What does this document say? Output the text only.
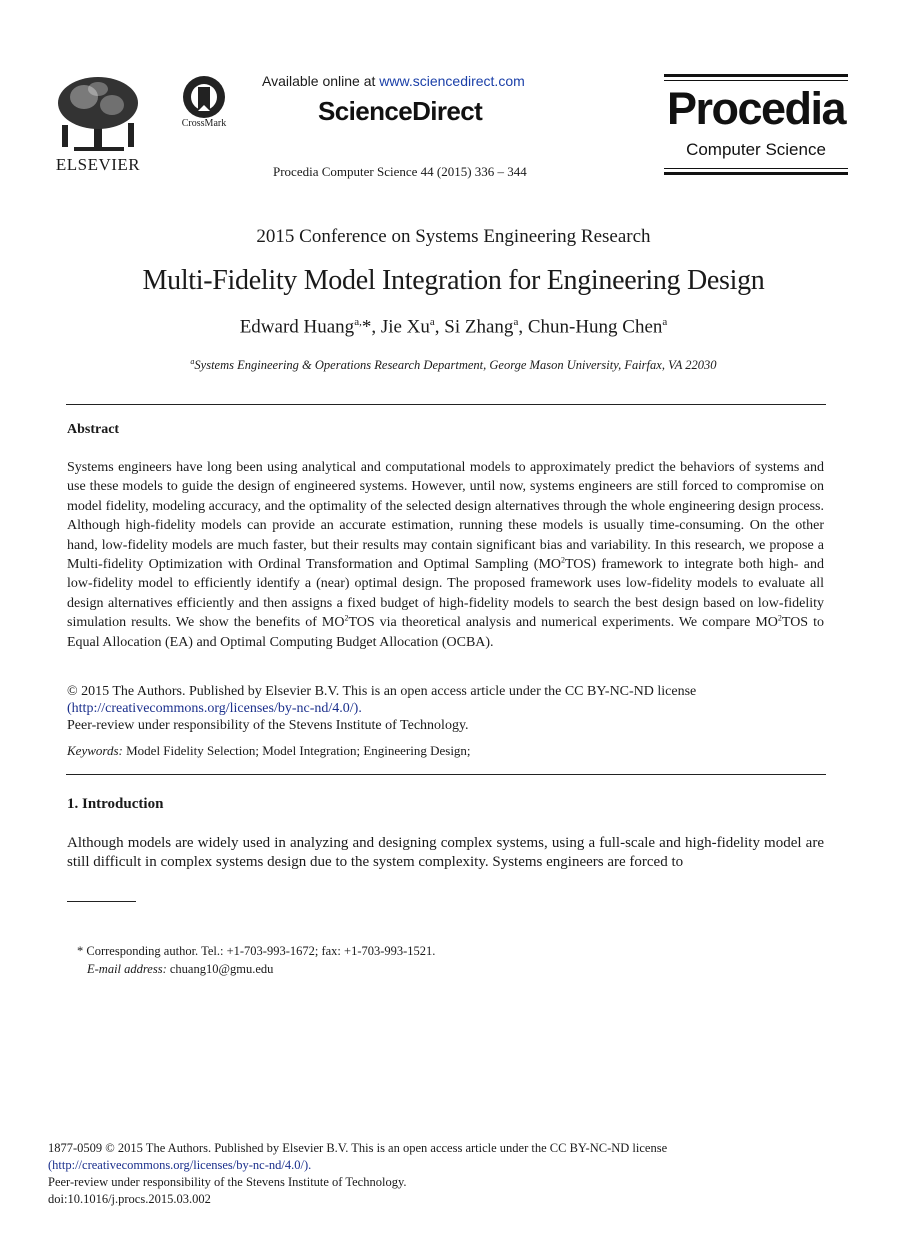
ELSEVIER
CrossMark
Available online at www.sciencedirect.com
ScienceDirect
Procedia Computer Science 44 (2015) 336 – 344
Procedia
Computer Science
2015 Conference on Systems Engineering Research
Multi-Fidelity Model Integration for Engineering Design
Edward Huang$^{a,}$*, Jie Xu$^a$, Si Zhang$^a$, Chun-Hung Chen$^a$
$^a$Systems Engineering & Operations Research Department, George Mason University, Fairfax, VA 22030
Abstract
Systems engineers have long been using analytical and computational models to approximately predict the behaviors of systems and use these models to guide the design of engineered systems. However, until now, systems engineers are still forced to compromise on model fidelity, modeling accuracy, and the optimality of the selected design alternatives through the whole engineering design process. Although high-fidelity models can provide an accurate estimation, running these models is usually time-consuming. On the other hand, low-fidelity models are much faster, but their results may contain significant bias and variability. In this research, we propose a Multi-fidelity Optimization with Ordinal Transformation and Optimal Sampling $(MO^2TOS)$ framework to integrate both high- and low-fidelity model to efficiently identify a (near) optimal design. The proposed framework uses low-fidelity models to evaluate all design alternatives efficiently and then assigns a fixed budget of high-fidelity models to search the best design based on low-fidelity simulation results. We show the benefits of $MO^2TOS$ via theoretical analysis and numerical experiments. We compare $MO^2TOS$ to Equal Allocation (EA) and Optimal Computing Budget Allocation (OCBA).
© 2015 The Authors. Published by Elsevier B.V. This is an open access article under the CC BY-NC-ND license
(http://creativecommons.org/licenses/by-nc-nd/4.0/).
Peer-review under responsibility of the Stevens Institute of Technology.
Keywords: Model Fidelity Selection; Model Integration; Engineering Design;
1. Introduction
Although models are widely used in analyzing and designing complex systems, using a full-scale and high-fidelity model are still difficult in complex systems design due to the system complexity. Systems engineers are forced to
* Corresponding author. Tel.: +1-703-993-1672; fax: +1-703-993-1521.
E-mail address: chuang10@gmu.edu
1877-0509 © 2015 The Authors. Published by Elsevier B.V. This is an open access article under the CC BY-NC-ND license
(http://creativecommons.org/licenses/by-nc-nd/4.0/).
Peer-review under responsibility of the Stevens Institute of Technology.
doi:10.1016/j.procs.2015.03.002
